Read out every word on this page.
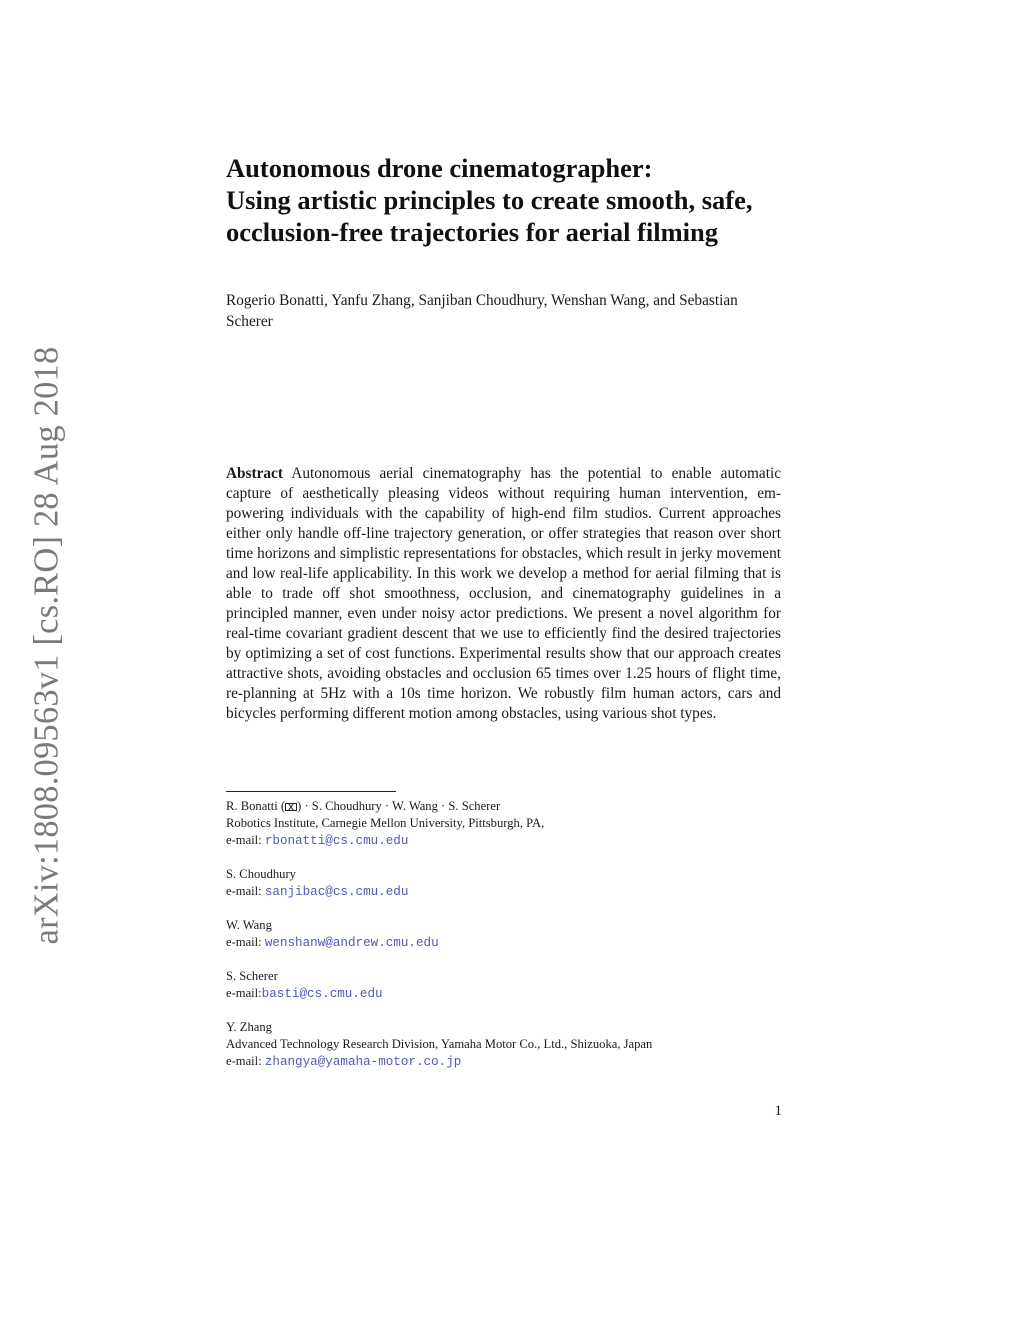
arXiv:1808.09563v1 [cs.RO] 28 Aug 2018
Autonomous drone cinematographer:
Using artistic principles to create smooth, safe,
occlusion-free trajectories for aerial filming
Rogerio Bonatti, Yanfu Zhang, Sanjiban Choudhury, Wenshan Wang, and Sebastian Scherer

Abstract Autonomous aerial cinematography has the potential to enable automatic capture of aesthetically pleasing videos without requiring human intervention, empowering individuals with the capability of high-end film studios. Current approaches either only handle off-line trajectory generation, or offer strategies that reason over short time horizons and simplistic representations for obstacles, which result in jerky movement and low real-life applicability. In this work we develop a method for aerial filming that is able to trade off shot smoothness, occlusion, and cinematography guidelines in a principled manner, even under noisy actor predictions. We present a novel algorithm for real-time covariant gradient descent that we use to efficiently find the desired trajectories by optimizing a set of cost functions. Experimental results show that our approach creates attractive shots, avoiding obstacles and occlusion 65 times over 1.25 hours of flight time, re-planning at 5Hz with a 10s time horizon. We robustly film human actors, cars and bicycles performing different motion among obstacles, using various shot types.

R. Bonatti ( ) · S. Choudhury · W. Wang · S. Scherer
Robotics Institute, Carnegie Mellon University, Pittsburgh, PA,
e-mail: rbonatti@cs.cmu.edu
S. Choudhury
e-mail: sanjibac@cs.cmu.edu
W. Wang
e-mail: wenshanw@andrew.cmu.edu
S. Scherer
e-mail:basti@cs.cmu.edu
Y. Zhang
Advanced Technology Research Division, Yamaha Motor Co., Ltd., Shizuoka, Japan
e-mail: zhangya@yamaha-motor.co.jp
1
